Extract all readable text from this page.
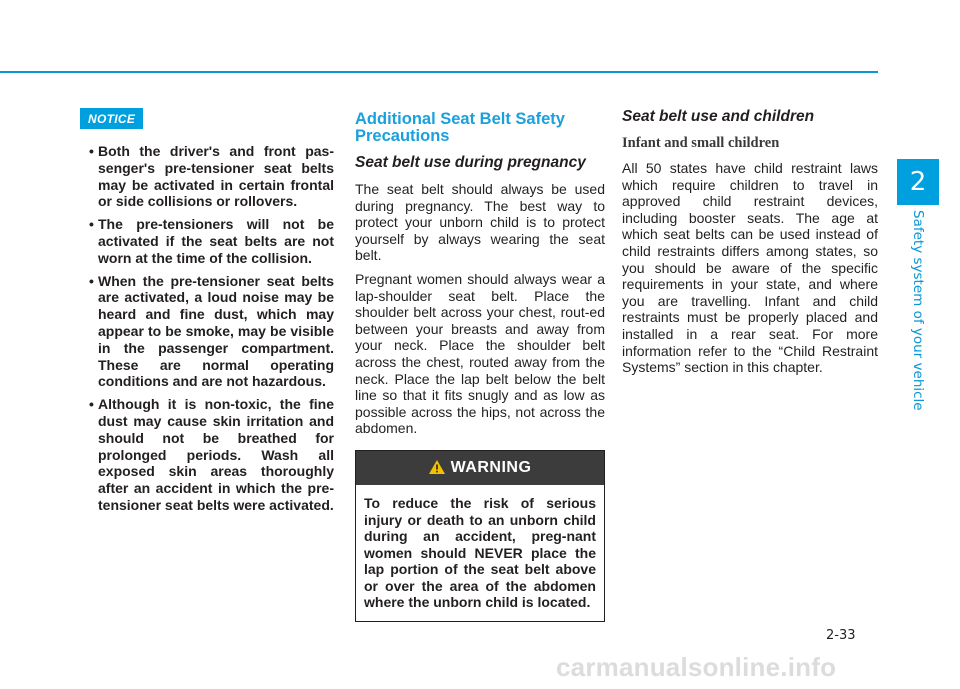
2
Safety system of your vehicle
NOTICE
• Both the driver's and front pas-senger's pre-tensioner seat belts may be activated in certain frontal or side collisions or rollovers.
• The pre-tensioners will not be activated if the seat belts are not worn at the time of the collision.
• When the pre-tensioner seat belts are activated, a loud noise may be heard and fine dust, which may appear to be smoke, may be visible in the passenger compartment. These are normal operating conditions and are not hazardous.
• Although it is non-toxic, the fine dust may cause skin irritation and should not be breathed for prolonged periods. Wash all exposed skin areas thoroughly after an accident in which the pre-tensioner seat belts were activated.
Additional Seat Belt Safety Precautions
Seat belt use during pregnancy

The seat belt should always be used during pregnancy. The best way to protect your unborn child is to protect yourself by always wearing the seat belt.

Pregnant women should always wear a lap-shoulder seat belt. Place the shoulder belt across your chest, rout-ed between your breasts and away from your neck. Place the shoulder belt across the chest, routed away from the neck. Place the lap belt below the belt line so that it fits snugly and as low as possible across the hips, not across the abdomen.

WARNING
To reduce the risk of serious injury or death to an unborn child during an accident, preg-nant women should NEVER place the lap portion of the seat belt above or over the area of the abdomen where the unborn child is located.
Seat belt use and children
Infant and small children

All 50 states have child restraint laws which require children to travel in approved child restraint devices, including booster seats. The age at which seat belts can be used instead of child restraints differs among states, so you should be aware of the specific requirements in your state, and where you are travelling. Infant and child restraints must be properly placed and installed in a rear seat. For more information refer to the “Child Restraint Systems” section in this chapter.

2-33
carmanualsonline.info
